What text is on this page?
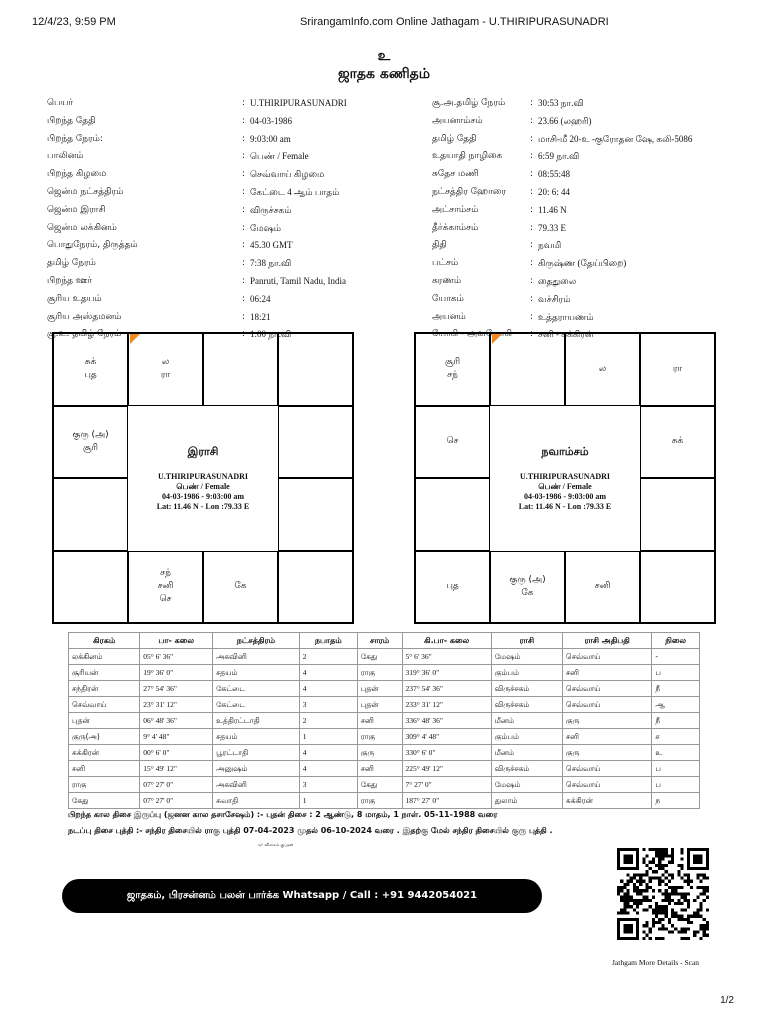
12/4/23, 9:59 PM	SrirangamInfo.com Online Jathagam - U.THIRIPURASUNADRI
உ
ஜாதக கணிதம்
பெயர்	: U.THIRIPURASUNADRI
பிறந்த தேதி	: 04-03-1986
பிறந்த நேரம்:	: 9:03:00 am
பாலினம்	: பெண் / Female
பிறந்த கிழமை	: செவ்வாய் கிழமை
ஜென்ம நட்சத்திரம்	: கேட்டை 4 ஆம் பாதம்
ஜென்ம இராசி	: விருச்சகம்
ஜென்ம லக்கினம்	: மேஷம்
பொதுநேரம், திருத்தம்	: 45.30 GMT
தமிழ் நேரம்	: 7:38 நா.வி
பிறந்த ஊர்	: Panruti, Tamil Nadu, India
சூரிய உதயம்	: 06:24
சூரிய அஸ்தமனம்	: 18:21
சூ.உ. தமிழ் நேரம்	: 1:00 நா.வி
சூ.அ.தமிழ் நேரம்	: 30:53 நா.வி
அயனாம்சம்	: 23.66 (லஹரி)
தமிழ் தேதி	: மாசி-மீ 20-உ -குரோதன ஷே, கலி-5086
உதயாதி நாழிகை	: 6:59 நா.வி
சுதேச மணி	: 08:55:48
நட்சத்திர ஹோரை	: 20: 6: 44
அட்சாம்சம்	: 11.46 N
தீர்க்காம்சம்	: 79.33 E
திதி	: நவமி
பட்சம்	: கிருஷ்ண (தேய்பிறை)
கரணம்	: தைதுலை
யோகம்	: வச்சிரம்
அயனம்	: உத்தராயணம்
யோகி - அவயோகி	: சனி - சுக்கிரன்
சுக்
புத
ல
ரா
குரு (அ)
சூரி
சந்
சனி
செ
கே
இராசி
U.THIRIPURASUNADRI
பெண் / Female
04-03-1986 - 9:03:00 am
Lat: 11.46 N - Lon :79.33 E
சூரி
சந்
ல	ரா
செ	சுக்
குரு (அ)
கே
சனி
புத
நவாம்சம்
U.THIRIPURASUNADRI
பெண் / Female
04-03-1986 - 9:03:00 am
Lat: 11.46 N - Lon :79.33 E
கிரகம்	பா- கலை	நட்சத்திரம்	நபாதம்	சாரம்	கி.பா- கலை	ராசி	ராசி அதிபதி	நிலை
லக்கினம்	05° 6' 36"	அசுவினி	2	கேது	5° 6' 36"	மேஷம்	செவ்வாய்	-
சூரியன்	19° 36' 0"	சதயம்	4	ராகு	319° 36' 0"	கும்பம்	சனி	ப
சந்திரன்	27° 54' 36"	கேட்டை	4	புதன்	237° 54' 36"	விருச்சகம்	செவ்வாய்	நீ
செவ்வாய்	23° 31' 12"	கேட்டை	3	புதன்	233° 31' 12"	விருச்சகம்	செவ்வாய்	ஆ
புதன்	06° 48' 36"	உத்திரட்டாதி	2	சனி	336° 48' 36"	மீனம்	குரு	நீ
குரு(அ)	9° 4' 48"	சதயம்	1	ராகு	309° 4' 48"	கும்பம்	சனி	ச
சுக்கிரன்	00° 6' 0"	பூரட்டாதி	4	குரு	330° 6' 0"	மீனம்	குரு	உ
சனி	15° 49' 12"	அனுஷம்	4	சனி	225° 49' 12"	விருச்சகம்	செவ்வாய்	ப
ராகு	07° 27' 0"	அசுவினி	3	கேது	7° 27' 0"	மேஷம்	செவ்வாய்	ப
கேது	07° 27' 0"	சுவாதி	1	ராகு	187° 27' 0"	துலாம்	சுக்கிரன்	ந
பிறந்த கால திசை இருப்பு (ஜனன கால தசாசேஷம்) :- புதன் திசை : 2 ஆண்டு, 8 மாதம், 1 நாள். 05-11-1988 வரை
நடப்பு திசை புத்தி :- சந்திர திசையில் ராகு புத்தி 07-04-2023 முதல் 06-10-2024 வரை . இதற்கு மேல் சந்திர திசையில் குரு புத்தி .
க/- விசாகம் குப்தன்
ஜாதகம், பிரசன்னம் பலன் பார்க்க Whatsapp / Call : +91 9442054021
Jathgam More Details - Scan
1/2
